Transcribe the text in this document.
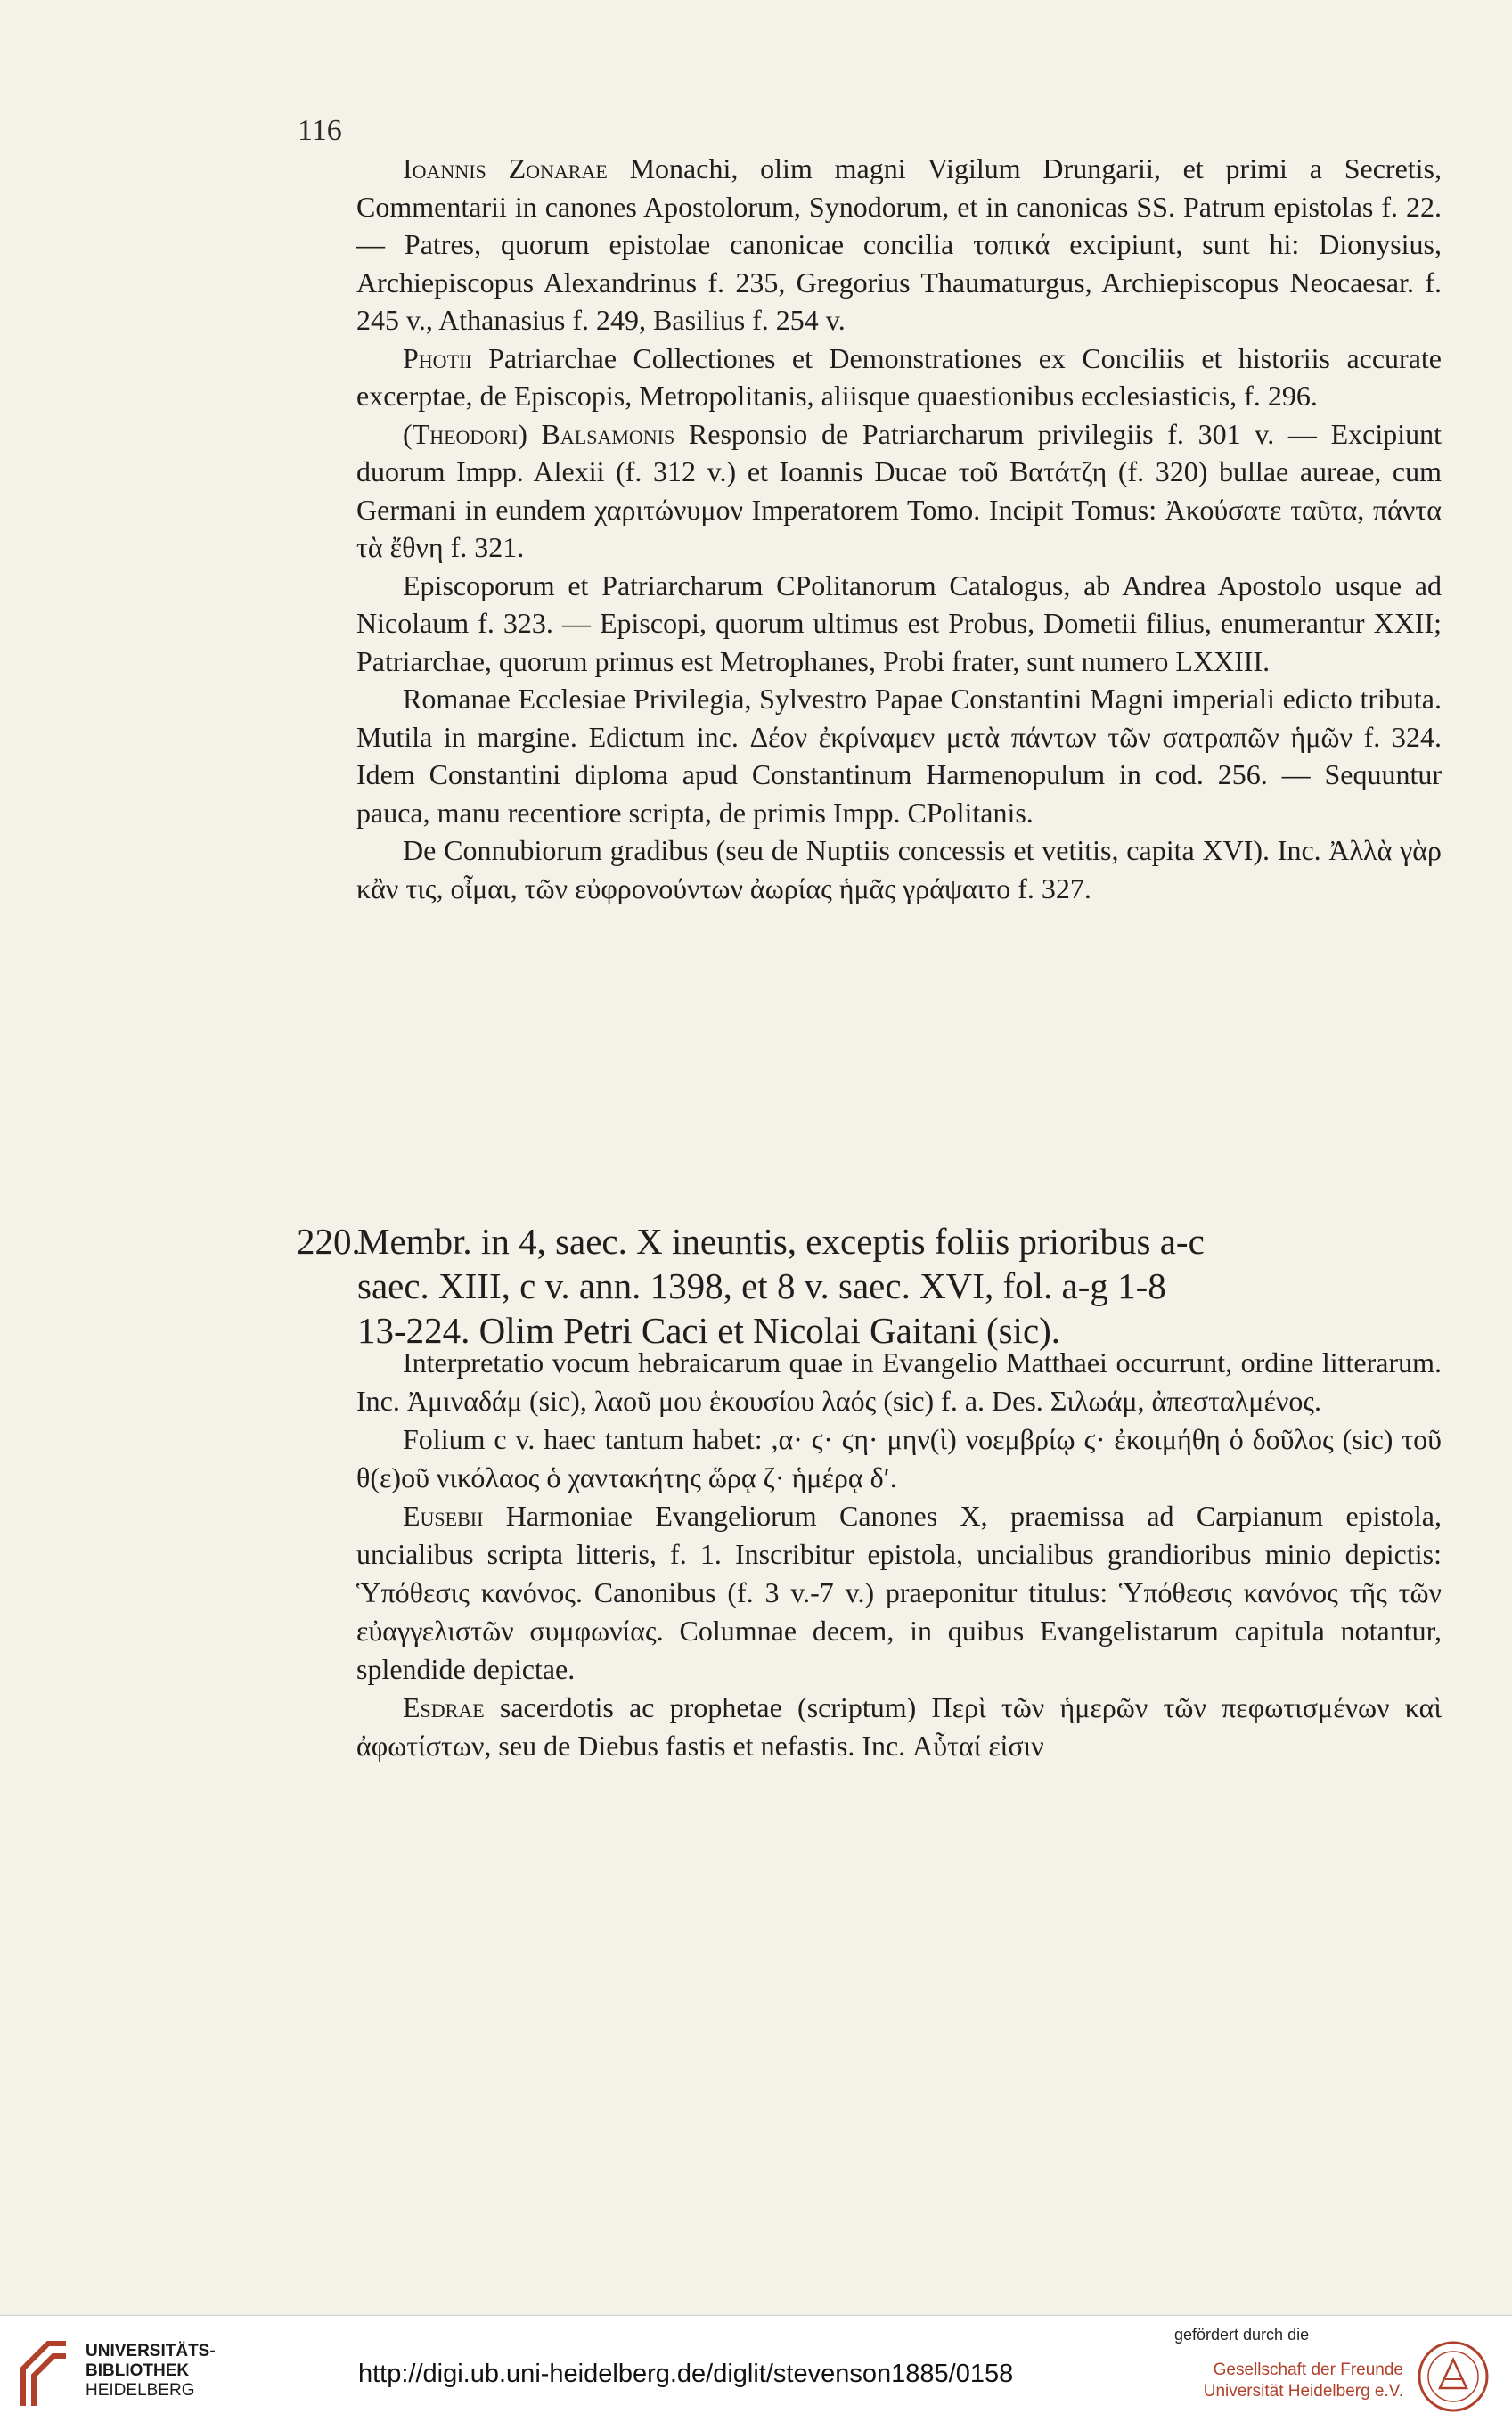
116

Ioannis Zonarae Monachi, olim magni Vigilum Drungarii, et primi a Secretis, Commentarii in canones Apostolorum, Synodorum, et in canonicas SS. Patrum epistolas f. 22. — Patres, quorum epistolae canonicae concilia τοπικά excipiunt, sunt hi: Dionysius, Archiepiscopus Alexandrinus f. 235, Gregorius Thaumaturgus, Archiepiscopus Neocaesar. f. 245 v., Athanasius f. 249, Basilius f. 254 v.

Photii Patriarchae Collectiones et Demonstrationes ex Conciliis et historiis accurate excerptae, de Episcopis, Metropolitanis, aliisque quaestionibus ecclesiasticis, f. 296.

(Theodori) Balsamonis Responsio de Patriarcharum privilegiis f. 301 v. — Excipiunt duorum Impp. Alexii (f. 312 v.) et Ioannis Ducae τοῦ Βατάτζη (f. 320) bullae aureae, cum Germani in eundem χαριτώνυμον Imperatorem Tomo. Incipit Tomus: Ἀκούσατε ταῦτα, πάντα τὰ ἔθνη f. 321.

Episcoporum et Patriarcharum CPolitanorum Catalogus, ab Andrea Apostolo usque ad Nicolaum f. 323. — Episcopi, quorum ultimus est Probus, Dometii filius, enumerantur XXII; Patriarchae, quorum primus est Metrophanes, Probi frater, sunt numero LXXIII.

Romanae Ecclesiae Privilegia, Sylvestro Papae Constantini Magni imperiali edicto tributa. Mutila in margine. Edictum inc. Δέον ἐκρίναμεν μετὰ πάντων τῶν σατραπῶν ἡμῶν f. 324. Idem Constantini diploma apud Constantinum Harmenopulum in cod. 256. — Sequuntur pauca, manu recentiore scripta, de primis Impp. CPolitanis.

De Connubiorum gradibus (seu de Nuptiis concessis et vetitis, capita XVI). Inc. Ἀλλὰ γὰρ κἂν τις, οἶμαι, τῶν εὐφρονούντων ἀωρίας ἡμᾶς γράψαιτο f. 327.

220.Membr. in 4, saec. X ineuntis, exceptis foliis prioribus a-c
saec. XIII, c v. ann. 1398, et 8 v. saec. XVI, fol. a-g 1-8
13-224. Olim Petri Caci et Nicolai Gaitani (sic).

Interpretatio vocum hebraicarum quae in Evangelio Matthaei occurrunt, ordine litterarum. Inc. Ἀμιναδάμ (sic), λαοῦ μου ἑκουσίου λαός (sic) f. a. Des. Σιλωάμ, ἀπεσταλμένος.

Folium c v. haec tantum habet: ,α· ϛ· ϛη· μην(ὶ) νοεμβρίῳ ϛ· ἐκοιμήθη ὁ δοῦλος (sic) τοῦ θ(ε)οῦ νικόλαος ὁ χαντακήτης ὥρᾳ ζ· ἡμέρᾳ δ′.

Eusebii Harmoniae Evangeliorum Canones X, praemissa ad Carpianum epistola, uncialibus scripta litteris, f. 1. Inscribitur epistola, uncialibus grandioribus minio depictis: Ὑπόθεσις κανόνος. Canonibus (f. 3 v.-7 v.) praeponitur titulus: Ὑπόθεσις κανόνος τῆς τῶν εὐαγγελιστῶν συμφωνίας. Columnae decem, in quibus Evangelistarum capitula notantur, splendide depictae.

Esdrae sacerdotis ac prophetae (scriptum) Περὶ τῶν ἡμερῶν τῶν πεφωτισμένων καὶ ἀφωτίστων, seu de Diebus fastis et nefastis. Inc. Αὗταί εἰσιν

UNIVERSITÄTS-
BIBLIOTHEK
HEIDELBERG
http://digi.ub.uni-heidelberg.de/diglit/stevenson1885/0158
gefördert durch die
Gesellschaft der Freunde
Universität Heidelberg e.V.
